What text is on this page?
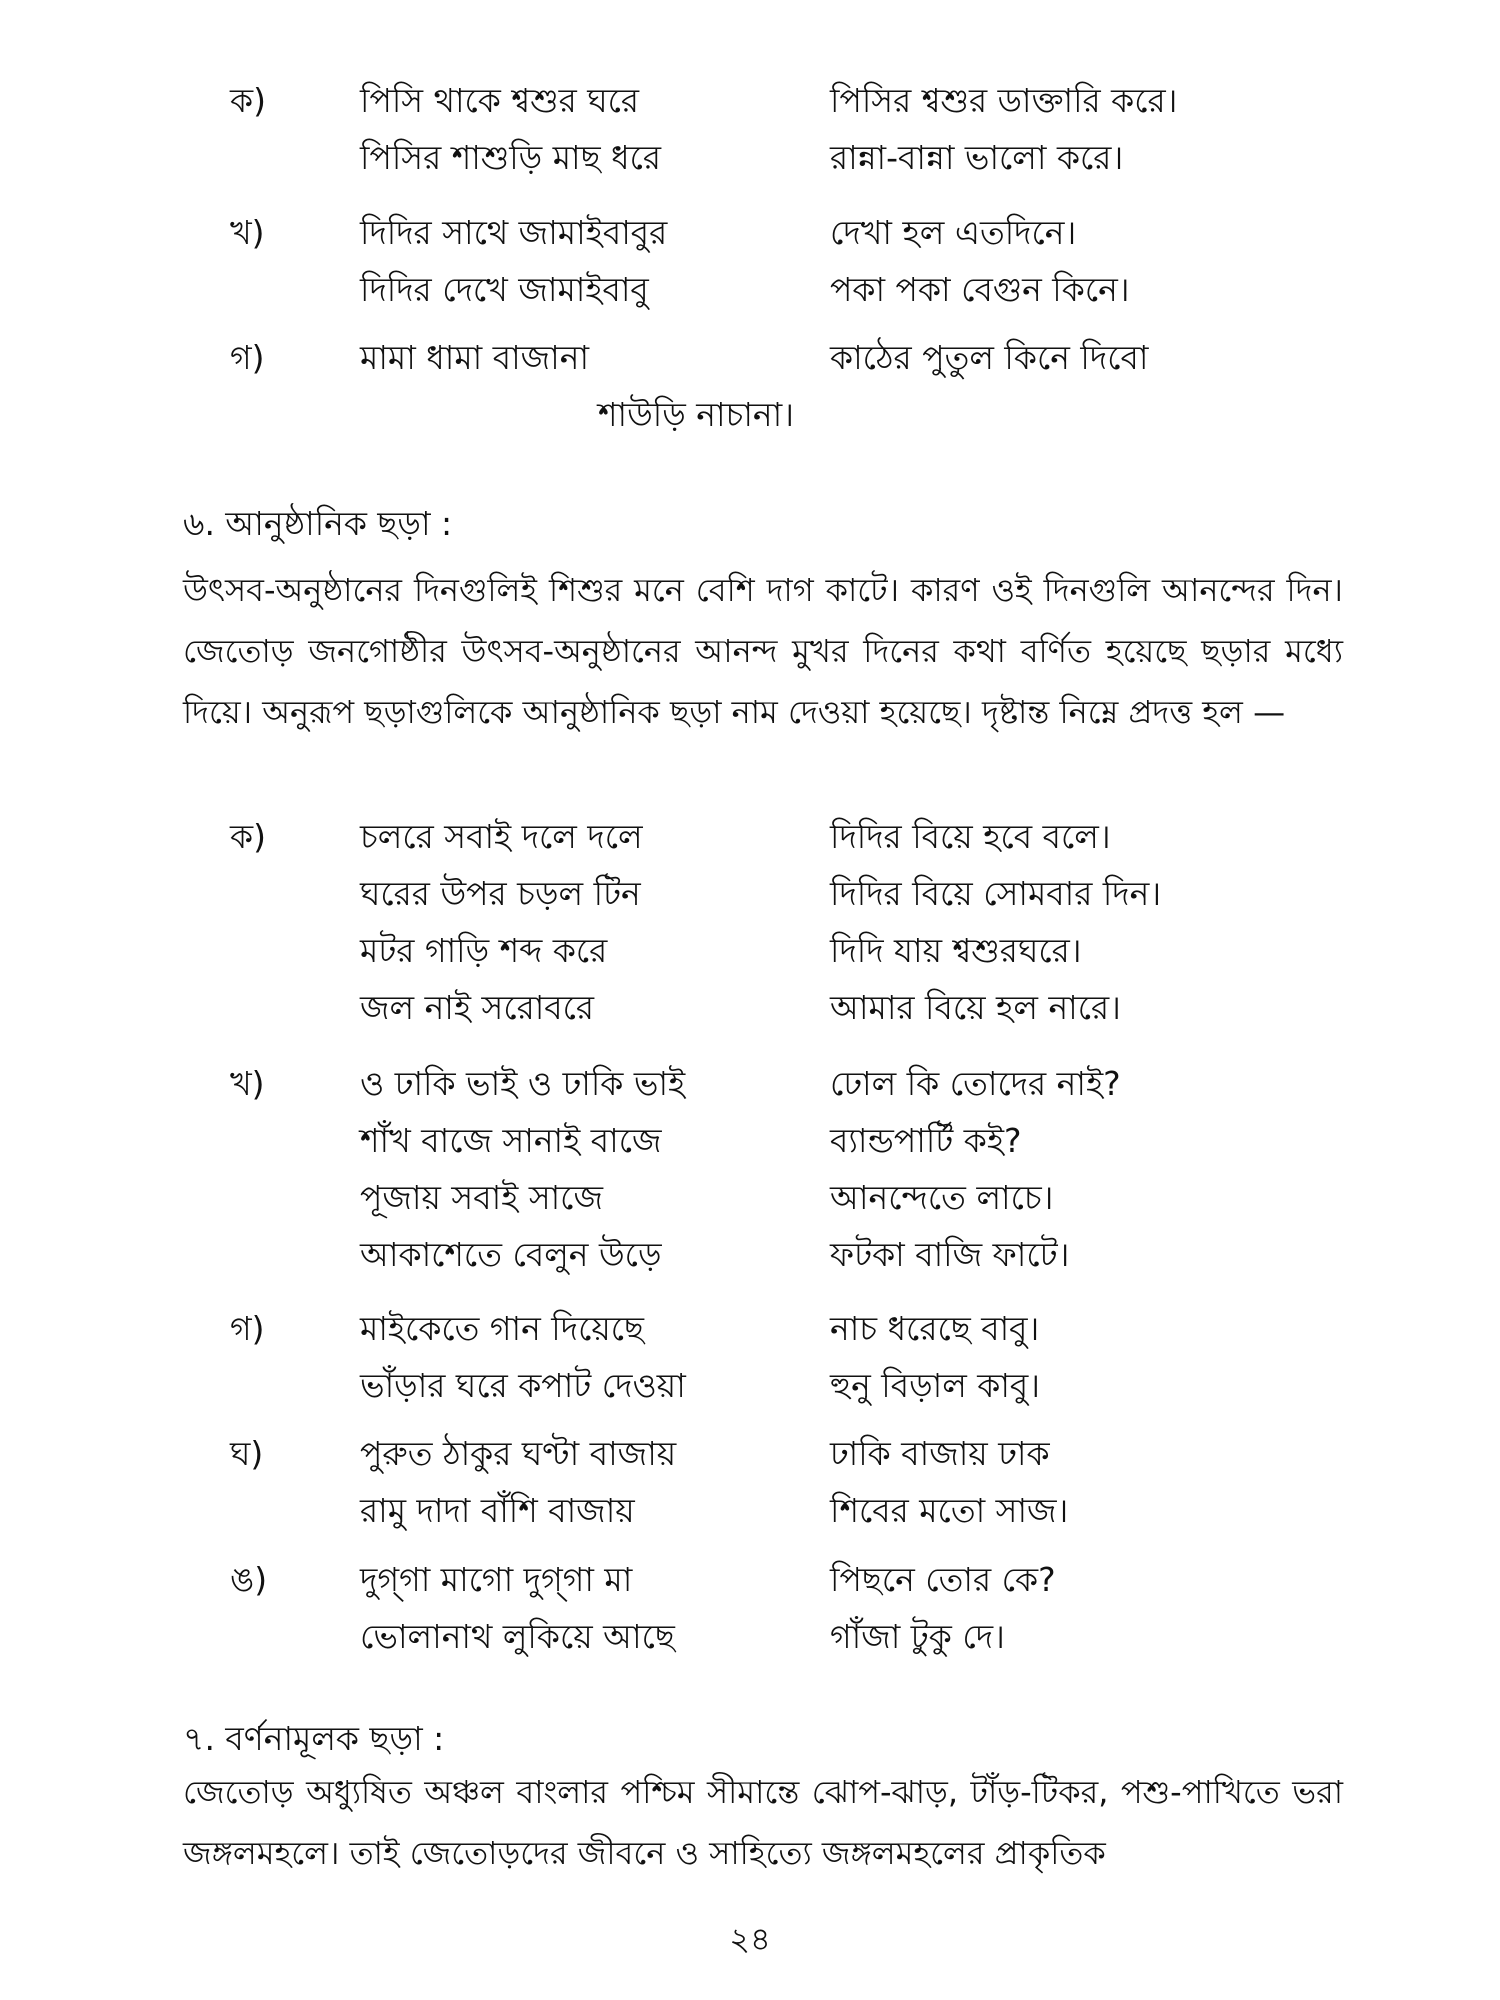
ক)	পিসি থাকে শ্বশুর ঘরে	পিসির শ্বশুর ডাক্তারি করে।
পিসির শাশুড়ি মাছ ধরে	রান্না-বান্না ভালো করে।
খ)	দিদির সাথে জামাইবাবুর	দেখা হল এতদিনে।
দিদির দেখে জামাইবাবু	পকা পকা বেগুন কিনে।
গ)	মামা ধামা বাজানা	কাঠের পুতুল কিনে দিবো
শাউড়ি নাচানা।
৬. আনুষ্ঠানিক ছড়া :
উৎসব-অনুষ্ঠানের দিনগুলিই শিশুর মনে বেশি দাগ কাটে। কারণ ওই দিনগুলি আনন্দের দিন। জেতোড় জনগোষ্ঠীর উৎসব-অনুষ্ঠানের আনন্দ মুখর দিনের কথা বর্ণিত হয়েছে ছড়ার মধ্যে দিয়ে। অনুরূপ ছড়াগুলিকে আনুষ্ঠানিক ছড়া নাম দেওয়া হয়েছে। দৃষ্টান্ত নিম্নে প্রদত্ত হল —
ক)	চলরে সবাই দলে দলে	দিদির বিয়ে হবে বলে।
ঘরের উপর চড়ল টিন	দিদির বিয়ে সোমবার দিন।
মটর গাড়ি শব্দ করে	দিদি যায় শ্বশুরঘরে।
জল নাই সরোবরে	আমার বিয়ে হল নারে।
খ)	ও ঢাকি ভাই ও ঢাকি ভাই	ঢোল কি তোদের নাই?
শাঁখ বাজে সানাই বাজে	ব্যান্ডপার্টি কই?
পূজায় সবাই সাজে	আনন্দেতে লাচে।
আকাশেতে বেলুন উড়ে	ফটকা বাজি ফাটে।
গ)	মাইকেতে গান দিয়েছে	নাচ ধরেছে বাবু।
ভাঁড়ার ঘরে কপাট দেওয়া	হুনু বিড়াল কাবু।
ঘ)	পুরুত ঠাকুর ঘণ্টা বাজায়	ঢাকি বাজায় ঢাক
রামু দাদা বাঁশি বাজায়	শিবের মতো সাজ।
ঙ)	দুগ্‌গা মাগো দুগ্‌গা মা	পিছনে তোর কে?
ভোলানাথ লুকিয়ে আছে	গাঁজা টুকু দে।
৭. বর্ণনামূলক ছড়া :
জেতোড় অধ্যুষিত অঞ্চল বাংলার পশ্চিম সীমান্তে ঝোপ-ঝাড়, টাঁড়-টিকর, পশু-পাখিতে ভরা জঙ্গলমহলে। তাই জেতোড়দের জীবনে ও সাহিত্যে জঙ্গলমহলের প্রাকৃতিক
২৪
